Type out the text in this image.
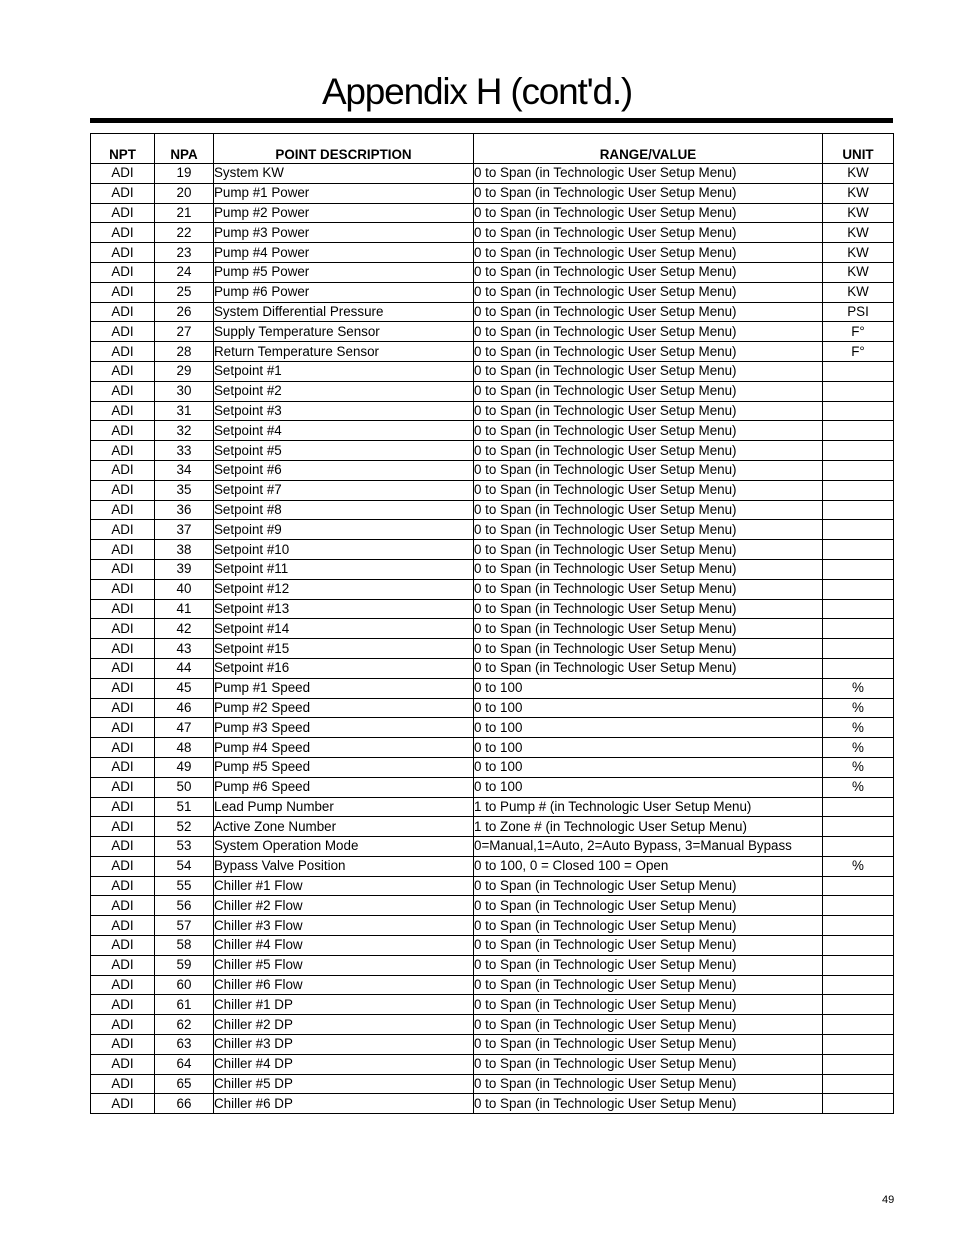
Appendix H (cont'd.)
NPT	NPA	POINT DESCRIPTION	RANGE/VALUE	UNIT
ADI	19	System KW	0 to Span (in Technologic User Setup Menu)	KW
ADI	20	Pump #1 Power	0 to Span (in Technologic User Setup Menu)	KW
ADI	21	Pump #2 Power	0 to Span (in Technologic User Setup Menu)	KW
ADI	22	Pump #3 Power	0 to Span (in Technologic User Setup Menu)	KW
ADI	23	Pump #4 Power	0 to Span (in Technologic User Setup Menu)	KW
ADI	24	Pump #5 Power	0 to Span (in Technologic User Setup Menu)	KW
ADI	25	Pump #6 Power	0 to Span (in Technologic User Setup Menu)	KW
ADI	26	System Differential Pressure	0 to Span (in Technologic User Setup Menu)	PSI
ADI	27	Supply Temperature Sensor	0 to Span (in Technologic User Setup Menu)	F°
ADI	28	Return Temperature Sensor	0 to Span (in Technologic User Setup Menu)	F°
ADI	29	Setpoint #1	0 to Span (in Technologic User Setup Menu)	
ADI	30	Setpoint #2	0 to Span (in Technologic User Setup Menu)	
ADI	31	Setpoint #3	0 to Span (in Technologic User Setup Menu)	
ADI	32	Setpoint #4	0 to Span (in Technologic User Setup Menu)	
ADI	33	Setpoint #5	0 to Span (in Technologic User Setup Menu)	
ADI	34	Setpoint #6	0 to Span (in Technologic User Setup Menu)	
ADI	35	Setpoint #7	0 to Span (in Technologic User Setup Menu)	
ADI	36	Setpoint #8	0 to Span (in Technologic User Setup Menu)	
ADI	37	Setpoint #9	0 to Span (in Technologic User Setup Menu)	
ADI	38	Setpoint #10	0 to Span (in Technologic User Setup Menu)	
ADI	39	Setpoint #11	0 to Span (in Technologic User Setup Menu)	
ADI	40	Setpoint #12	0 to Span (in Technologic User Setup Menu)	
ADI	41	Setpoint #13	0 to Span (in Technologic User Setup Menu)	
ADI	42	Setpoint #14	0 to Span (in Technologic User Setup Menu)	
ADI	43	Setpoint #15	0 to Span (in Technologic User Setup Menu)	
ADI	44	Setpoint #16	0 to Span (in Technologic User Setup Menu)	
ADI	45	Pump #1 Speed	0 to 100	%
ADI	46	Pump #2 Speed	0 to 100	%
ADI	47	Pump #3 Speed	0 to 100	%
ADI	48	Pump #4 Speed	0 to 100	%
ADI	49	Pump #5 Speed	0 to 100	%
ADI	50	Pump #6 Speed	0 to 100	%
ADI	51	Lead Pump Number	1 to Pump # (in Technologic User Setup Menu)	
ADI	52	Active Zone Number	1 to Zone # (in Technologic User Setup Menu)	
ADI	53	System Operation Mode	0=Manual,1=Auto, 2=Auto Bypass, 3=Manual Bypass	
ADI	54	Bypass Valve Position	0 to 100, 0 = Closed 100 = Open	%
ADI	55	Chiller #1 Flow	0 to Span (in Technologic User Setup Menu)	
ADI	56	Chiller #2 Flow	0 to Span (in Technologic User Setup Menu)	
ADI	57	Chiller #3 Flow	0 to Span (in Technologic User Setup Menu)	
ADI	58	Chiller #4 Flow	0 to Span (in Technologic User Setup Menu)	
ADI	59	Chiller #5 Flow	0 to Span (in Technologic User Setup Menu)	
ADI	60	Chiller #6 Flow	0 to Span (in Technologic User Setup Menu)	
ADI	61	Chiller #1 DP	0 to Span (in Technologic User Setup Menu)	
ADI	62	Chiller #2 DP	0 to Span (in Technologic User Setup Menu)	
ADI	63	Chiller #3 DP	0 to Span (in Technologic User Setup Menu)	
ADI	64	Chiller #4 DP	0 to Span (in Technologic User Setup Menu)	
ADI	65	Chiller #5 DP	0 to Span (in Technologic User Setup Menu)	
ADI	66	Chiller #6 DP	0 to Span (in Technologic User Setup Menu)	
49
